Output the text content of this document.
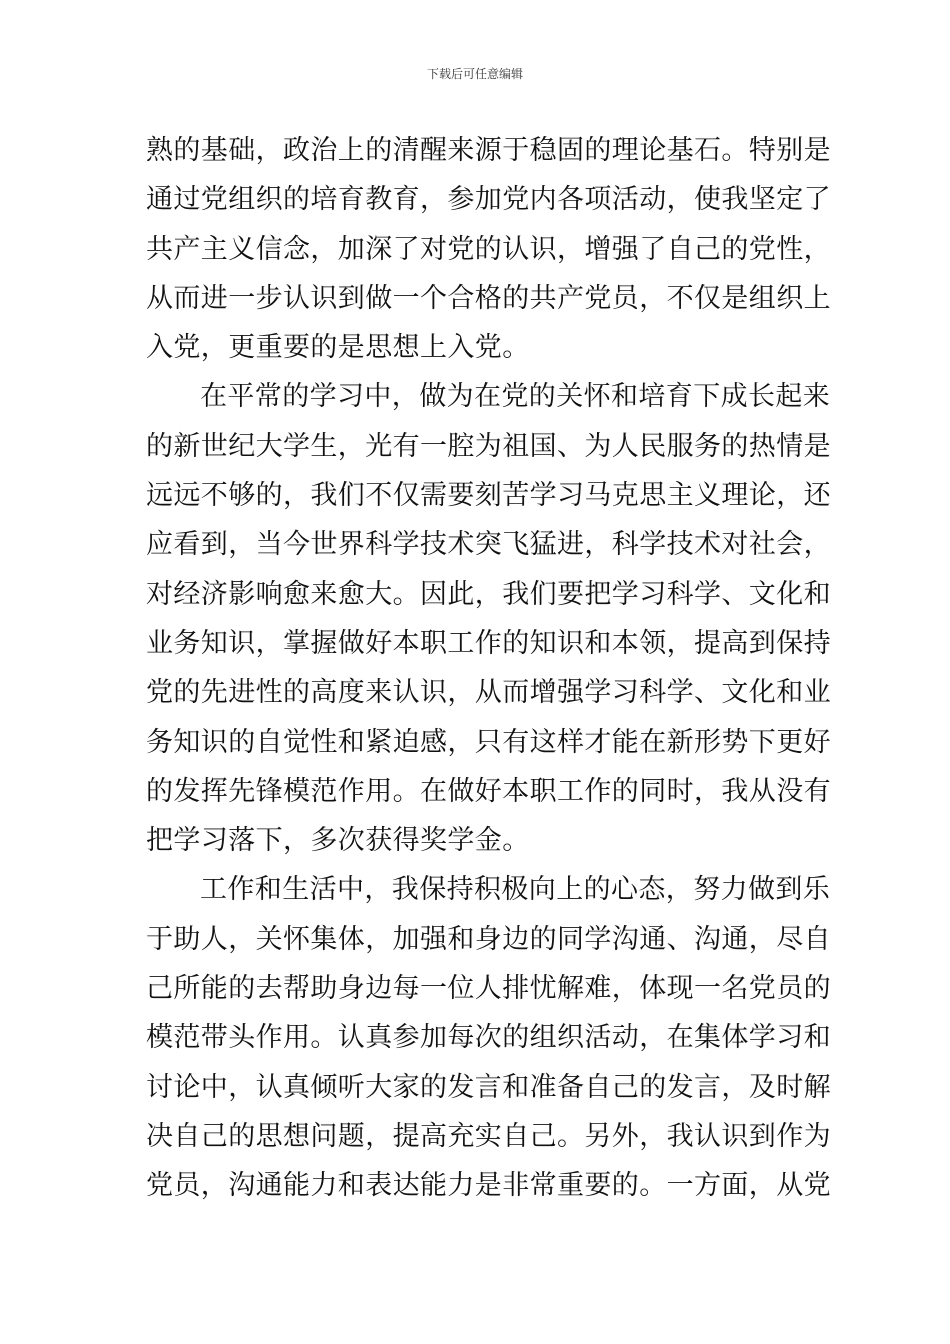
下载后可任意编辑
熟的基础，政治上的清醒来源于稳固的理论基石。特别是
通过党组织的培育教育，参加党内各项活动，使我坚定了
共产主义信念，加深了对党的认识，增强了自己的党性，
从而进一步认识到做一个合格的共产党员，不仅是组织上
入党，更重要的是思想上入党。
在平常的学习中，做为在党的关怀和培育下成长起来
的新世纪大学生，光有一腔为祖国、为人民服务的热情是
远远不够的，我们不仅需要刻苦学习马克思主义理论，还
应看到，当今世界科学技术突飞猛进，科学技术对社会，
对经济影响愈来愈大。因此，我们要把学习科学、文化和
业务知识，掌握做好本职工作的知识和本领，提高到保持
党的先进性的高度来认识，从而增强学习科学、文化和业
务知识的自觉性和紧迫感，只有这样才能在新形势下更好
的发挥先锋模范作用。在做好本职工作的同时，我从没有
把学习落下，多次获得奖学金。
工作和生活中，我保持积极向上的心态，努力做到乐
于助人，关怀集体，加强和身边的同学沟通、沟通，尽自
己所能的去帮助身边每一位人排忧解难，体现一名党员的
模范带头作用。认真参加每次的组织活动，在集体学习和
讨论中，认真倾听大家的发言和准备自己的发言，及时解
决自己的思想问题，提高充实自己。另外，我认识到作为
党员，沟通能力和表达能力是非常重要的。一方面，从党
